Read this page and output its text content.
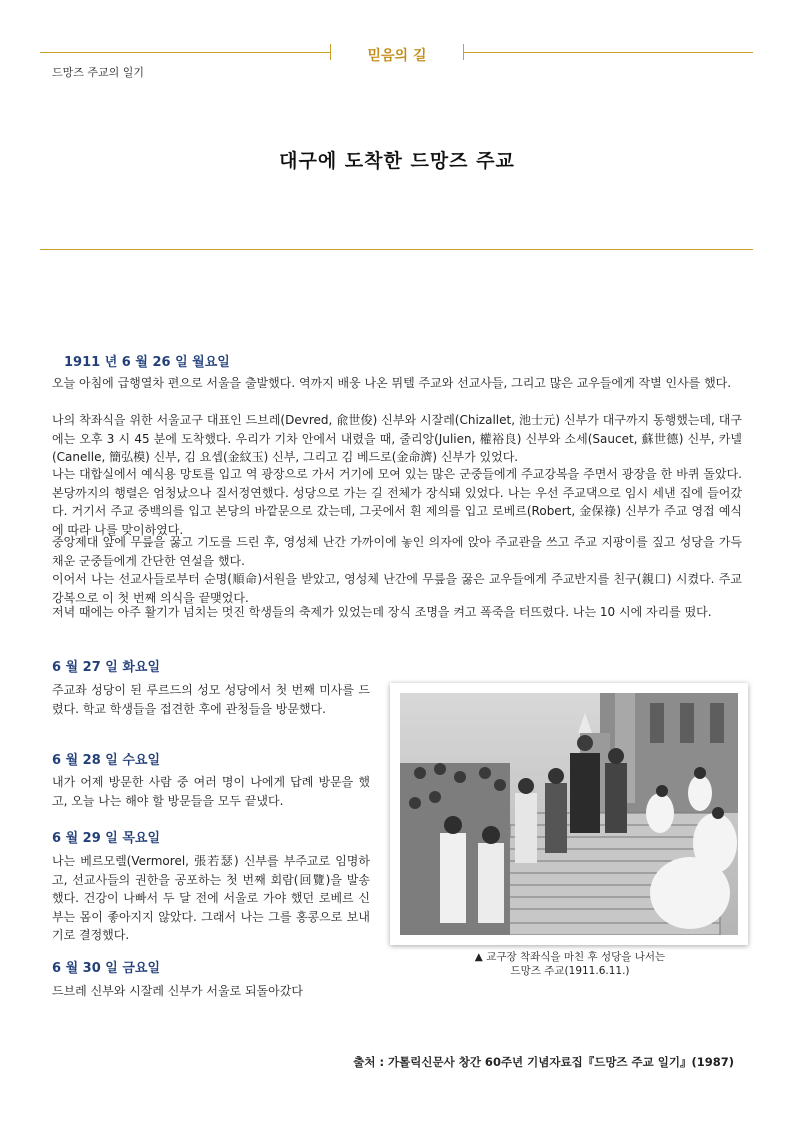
믿음의 길
드망즈 주교의 일기
대구에 도착한 드망즈 주교
1911 년 6 월 26 일 월요일

오늘 아침에 급행열차 편으로 서울을 출발했다. 역까지 배웅 나온 뮈텔 주교와 선교사들, 그리고 많은 교우들에게 작별 인사를 했다.

나의 착좌식을 위한 서울교구 대표인 드브레(Devred, 兪世俊) 신부와 시잘레(Chizallet, 池士元) 신부가 대구까지 동행했는데, 대구에는 오후 3 시 45 분에 도착했다. 우리가 기차 안에서 내렸을 때, 줄리앙(Julien, 權裕良) 신부와 소세(Saucet, 蘇世德) 신부, 카넬(Canelle, 簡弘模) 신부, 김 요셉(金紋玉) 신부, 그리고 김 베드로(金命濟) 신부가 있었다.

나는 대합실에서 예식용 망토를 입고 역 광장으로 가서 거기에 모여 있는 많은 군중들에게 주교강복을 주면서 광장을 한 바퀴 돌았다. 본당까지의 행렬은 엄청났으나 질서정연했다. 성당으로 가는 길 전체가 장식돼 있었다. 나는 우선 주교댁으로 임시 세낸 집에 들어갔다. 거기서 주교 중백의를 입고 본당의 바깥문으로 갔는데, 그곳에서 흰 제의를 입고 로베르(Robert, 金保祿) 신부가 주교 영접 예식에 따라 나를 맞이하였다.

중앙제대 앞에 무릎을 꿇고 기도를 드린 후, 영성체 난간 가까이에 놓인 의자에 앉아 주교관을 쓰고 주교 지팡이를 짚고 성당을 가득 채운 군중들에게 간단한 연설을 했다.

이어서 나는 선교사들로부터 순명(順命)서원을 받았고, 영성체 난간에 무릎을 꿇은 교우들에게 주교반지를 친구(親口) 시켰다. 주교 강복으로 이 첫 번째 의식을 끝맺었다.

저녁 때에는 아주 활기가 넘치는 멋진 학생들의 축제가 있었는데 장식 조명을 켜고 폭죽을 터뜨렸다. 나는 10 시에 자리를 떴다.

6 월 27 일 화요일

주교좌 성당이 된 루르드의 성모 성당에서 첫 번째 미사를 드렸다. 학교 학생들을 접견한 후에 관청들을 방문했다.

6 월 28 일 수요일

내가 어제 방문한 사람 중 여러 명이 나에게 답례 방문을 했고, 오늘 나는 해야 할 방문들을 모두 끝냈다.

6 월 29 일 목요일

나는 베르모렐(Vermorel, 張若瑟) 신부를 부주교로 임명하고, 선교사들의 권한을 공포하는 첫 번째 회람(回覽)을 발송했다. 건강이 나빠서 두 달 전에 서울로 가야 했던 로베르 신부는 몸이 좋아지지 않았다. 그래서 나는 그를 홍콩으로 보내기로 결정했다.

6 월 30 일 금요일

드브레 신부와 시잘레 신부가 서울로 되돌아갔다

▲ 교구장 착좌식을 마친 후 성당을 나서는
드망즈 주교(1911.6.11.)
출처 : 가톨릭신문사 창간 60주년 기념자료집『드망즈 주교 일기』(1987)
